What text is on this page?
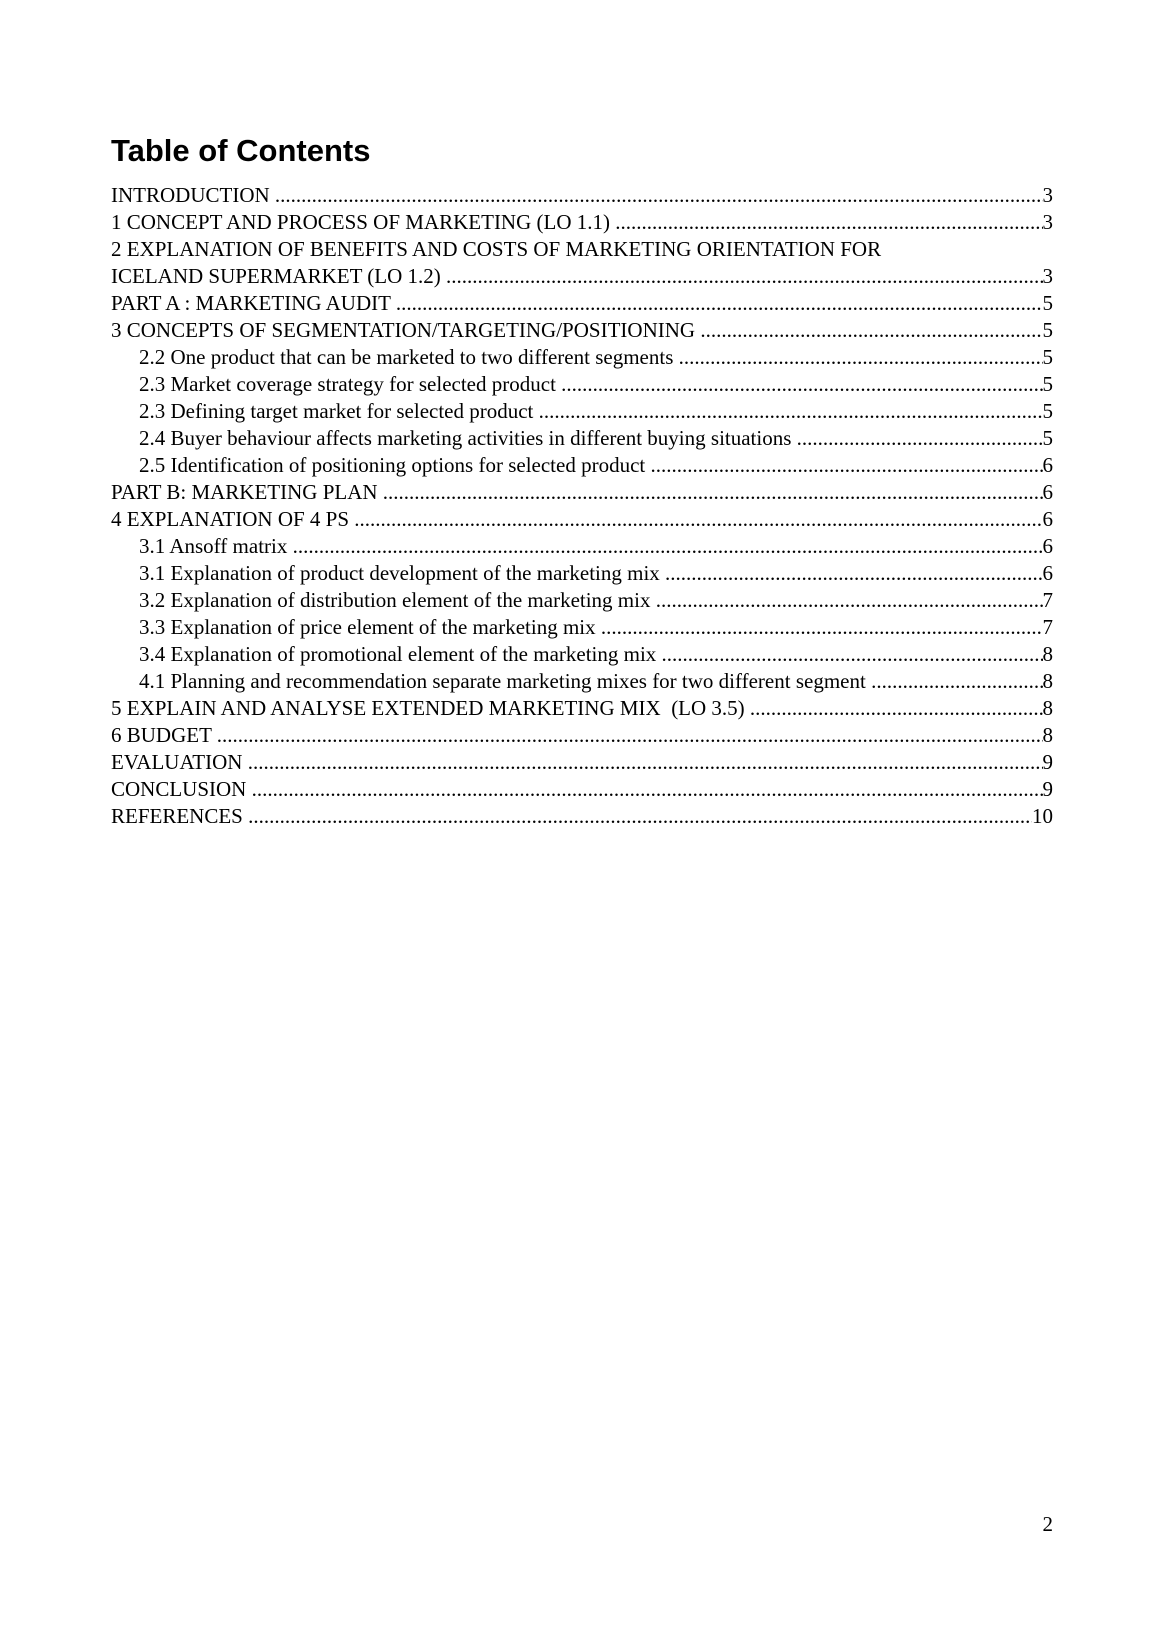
Table of Contents
INTRODUCTION .....	3
1 CONCEPT AND PROCESS OF MARKETING (LO 1.1) .....	3
2 EXPLANATION OF BENEFITS AND COSTS OF MARKETING ORIENTATION FOR
ICELAND SUPERMARKET (LO 1.2) .....	3
PART A : MARKETING AUDIT .....	5
3 CONCEPTS OF SEGMENTATION/TARGETING/POSITIONING .....	5
2.2 One product that can be marketed to two different segments .....	5
2.3 Market coverage strategy for selected product .....	5
2.3 Defining target market for selected product .....	5
2.4 Buyer behaviour affects marketing activities in different buying situations .....	5
2.5 Identification of positioning options for selected product .....	6
PART B: MARKETING PLAN .....	6
4 EXPLANATION OF 4 PS .....	6
3.1 Ansoff matrix .....	6
3.1 Explanation of product development of the marketing mix .....	6
3.2 Explanation of distribution element of the marketing mix .....	7
3.3 Explanation of price element of the marketing mix .....	7
3.4 Explanation of promotional element of the marketing mix .....	8
4.1 Planning and recommendation separate marketing mixes for two different segment .....	8
5 EXPLAIN AND ANALYSE EXTENDED MARKETING MIX  (LO 3.5) .....	8
6 BUDGET .....	8
EVALUATION .....	9
CONCLUSION .....	9
REFERENCES .....	10
2
